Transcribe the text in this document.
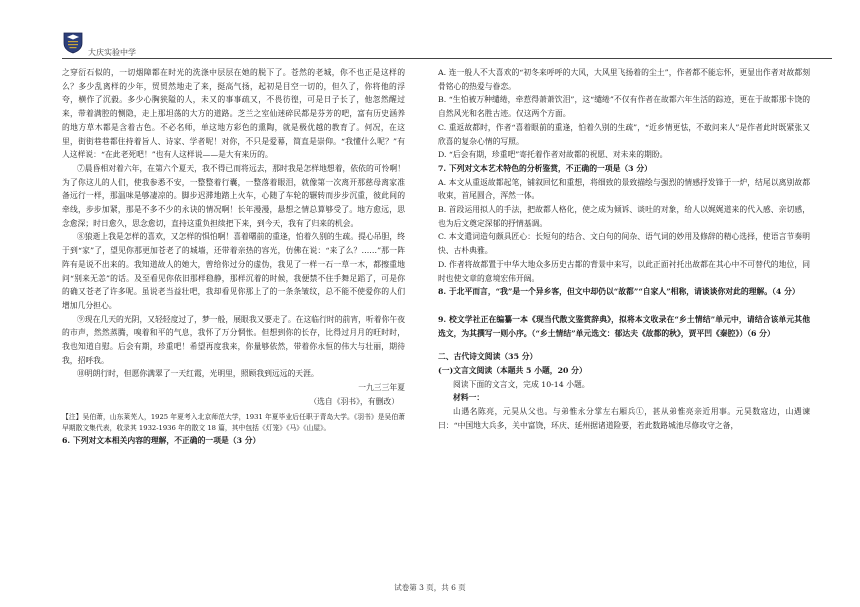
大庆实验中学

之穿衍石似的，一切烟障都在时光的洗涤中层层在她的脱下了。苍然的老城，你不也正是这样的么？多少乱离样的少年，贸贸然地走了来，挺高气扬，起初是目空一切的，但久了，你将他的浮夸，横作了沉毅。多少心胸狭隘的人，未又的事事疏又，不畏彷徨，可是日子长了，他忽然醒过来，带着满腔的恻隐，走上那坦荡的大方的道路。芝兰之室仙迷碎民都是芬芳的吧，富有历史涵养的地方草木都是含着古色。不必名师，单这地方彩色的熏陶，就是极优越的教育了。何况，在这里，街街巷巷都住持着旨人、诗家、学者呢！对你，不只是爱幕，简直是崇仰。“我懂什么呢？”有人这样说：“在此老死吧！”也有人这样说——是大有来历的。

⑦晨昏相对着六年，在第六个夏天，我不得已而将远去，那时我是怎样地想着，依依的可怜啊！为了你这儿的人们，使我参悉不安，一整整着行囊，一整落着眼泪，就像第一次离开那慈母离家准备远行一样，那温味是够凄凉的。脚步迟滞地踏上火车，心随了车轮的辗转而步步沉重，彼此间的牵线，步步加紧，那是不多不少的永诀的情况啊！长年漫漫，悬想之情总算够受了。地方愈远，思念愈深；时日愈久，思念愈切，直持这重负担续把下来，到今天，我有了归来的机会。

⑧狼逝上我是怎样的喜欢，又怎样的惧怕啊！喜着曙前的重逢，怕着久别的生疏。提心吊胆，终于到“家”了，望见你那更加苍老了的城墙，还带着亲热的容光，仿佛在说：“来了么？……”那一阵阵有是说不出来的。我知道故人的她大，曾给你过分的虚伪，我见了一样一石一草一木，都擦重地问“别来无恙”的话。及至看见你依旧那样稳静，那样沉着的时候，我便禁不住手舞足蹈了，可是你的确又苍老了许多呢。虽说老当益壮吧，我却看见你那上了的一条条皱纹，总不能不使爱你的人们增加几分担心。

⑨现在几天的光阴，又轻轻度过了，梦一般，展眼我又要走了。在这临行时的前宵，听着你午夜的市声，然然蒸腾，嗅着和平的气息，我怀了万分惘怅。但想到你的长存，比得过月月的旺时时，我也知道自慰。后会有期，珍重吧！希望再度我来，你量够依然，带着你永恒的伟大与壮丽，期待我，招呼我。

⑩明朗行时，但愿你满翠了一天红霞，光明里，照顾我到远远的天涯。

一九三三年夏

（选自《羽书》，有删改）

【注】吴伯萧，山东莱芜人，1925 年夏考入北京师范大学，1931 年夏毕业后任职于青岛大学。《羽书》是吴伯萧早期散文集代表，收录其 1932-1936 年的散文 18 篇，其中包括《灯笼》《马》《山屋》。

6. 下列对文本相关内容的理解，不正确的一项是（3 分）

A. 连一般人不大喜欢的“初冬来呼呼的大风，大风里飞扬着的尘土”，作者都不能忘怀，更显出作者对故都刻骨铭心的热爱与眷恋。

B. “生怕被万种缱绻，牵惹得萧萧饮泪”，这“缱绻”不仅有作者在故都六年生活的踪迹，更在于故都那卡饶的自然风光和名胜古迹。仅这两个方面。

C. 重返故都时，作者“喜着眼前的重逢，怕着久别的生疏”，“近乡情更怯，不敢问来人”是作者此时既紧张又欣喜的复杂心情的写照。

D. “后会有期，珍重吧”寄托着作者对故都的祝愿、对未来的期盼。

7. 下列对文本艺术特色的分析鉴赏，不正确的一项是（3 分）

A. 本文从重返故都起笔，铺叙回忆和重想，将细致的景致描绘与强烈的情感抒发锋于一炉，结尾以离别故都收束，首尾圆合，浑然一体。

B. 首段运用拟人的手法，把故都人格化，使之成为倾诉、谈吐的对象，给人以娓娓道来的代入感、亲切感，也为后文奠定深郁的抒情基调。

C. 本文遣词造句颇具匠心：长短句的结合、文白句的间杂、语气词的妙用及修辞的精心选择，使语言节奏明快、古朴典雅。

D. 作者将故都置于中华大地众多历史古都的背景中来写，以此正面衬托出故都在其心中不可替代的地位，同时也使文章的意境宏伟开阔。

8. 于北平而言，“我”是一个异乡客，但文中却仍以“故都”“自家人”相称，请谈谈你对此的理解。（4 分）

9. 校文学社正在编纂一本《现当代散文鉴赏辞典》，拟将本文收录在“乡土情结”单元中，请结合该单元其他选文，为其撰写一则小序。（“乡土情结”单元选文：郁达夫《故都的秋》，贾平凹《秦腔》）（6 分）

二、古代诗文阅读（35 分）

(一)文言文阅读（本题共 5 小题，20 分）

阅读下面的文言文，完成 10-14 小题。

材料一：

山遇名陈亮，元昊从父也。与弟惟永分掌左右厢兵①，甚从弟惟亮亲近用事。元昊数寇边，山遇谏曰：“中国地大兵多，关中富饶，环庆、延州据诸道险要，若此数路城池尽修攻守之备，

试卷第 3 页，共 6 页
